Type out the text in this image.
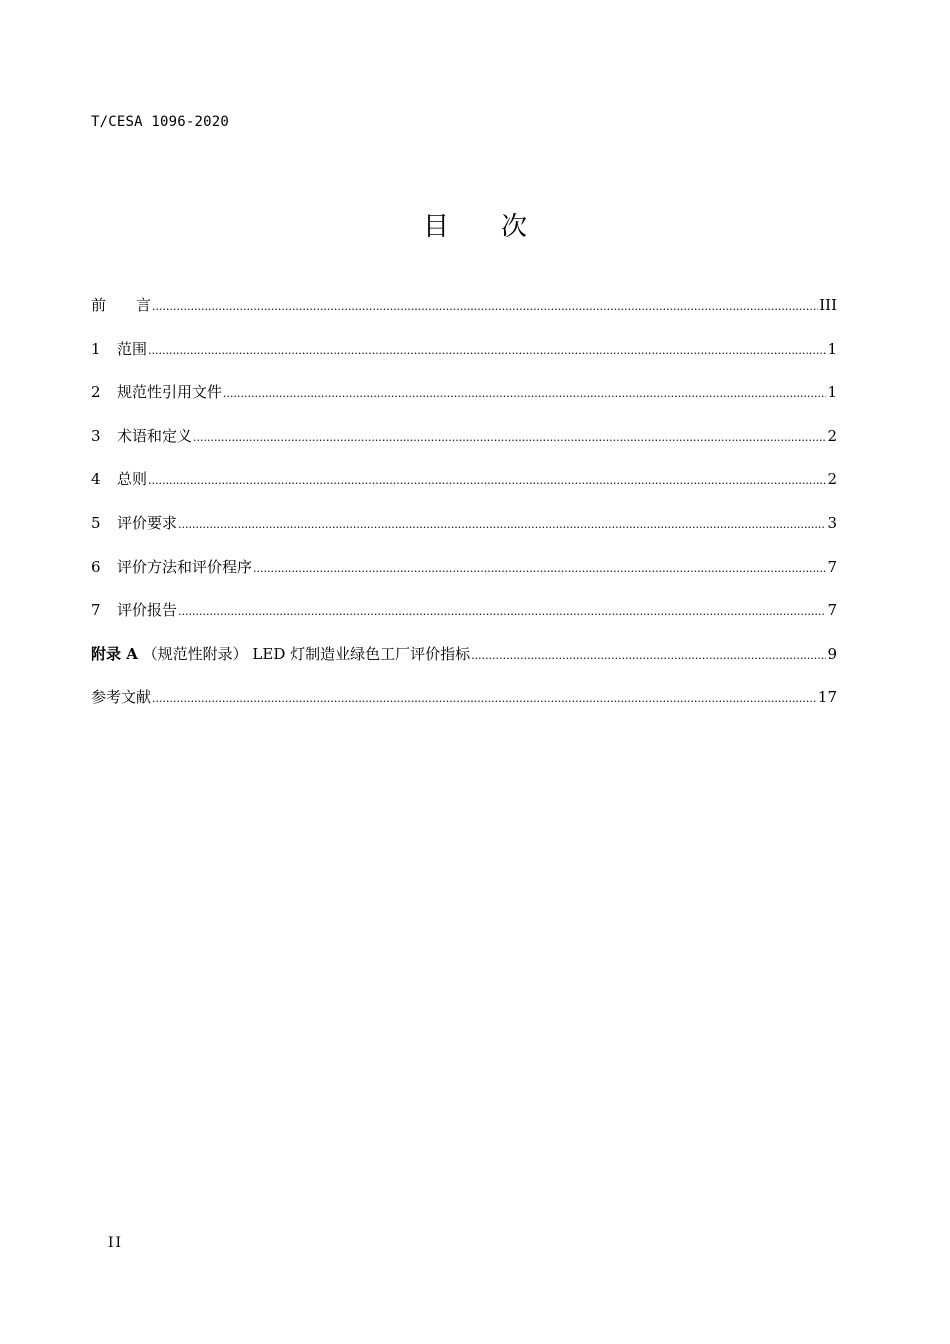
T/CESA 1096-2020
目 次
前 言 .....	III
1	范围 .....	1
2	规范性引用文件 .....	1
3	术语和定义 .....	2
4	总则 .....	2
5	评价要求 .....	3
6	评价方法和评价程序 .....	7
7	评价报告 .....	7
附录 A （规范性附录） LED 灯制造业绿色工厂评价指标 .....	9
参考文献 .....	17
II
